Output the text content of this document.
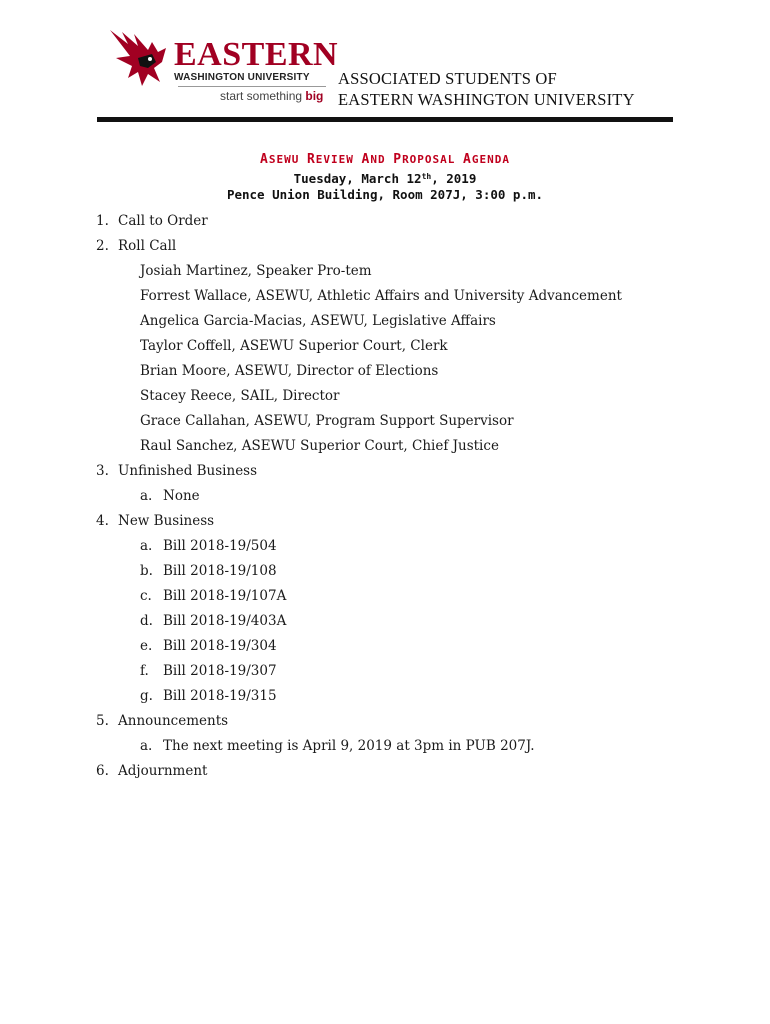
EASTERN
WASHINGTON UNIVERSITY
start something big
ASSOCIATED STUDENTS OF
EASTERN WASHINGTON UNIVERSITY
ASEWU REVIEW AND PROPOSAL AGENDA
Tuesday, March 12th, 2019
Pence Union Building, Room 207J, 3:00 p.m.
1. Call to Order
2. Roll Call
Josiah Martinez, Speaker Pro-tem
Forrest Wallace, ASEWU, Athletic Affairs and University Advancement
Angelica Garcia-Macias, ASEWU, Legislative Affairs
Taylor Coffell, ASEWU Superior Court, Clerk
Brian Moore, ASEWU, Director of Elections
Stacey Reece, SAIL, Director
Grace Callahan, ASEWU, Program Support Supervisor
Raul Sanchez, ASEWU Superior Court, Chief Justice
3. Unfinished Business
a. None
4. New Business
a. Bill 2018-19/504
b. Bill 2018-19/108
c. Bill 2018-19/107A
d. Bill 2018-19/403A
e. Bill 2018-19/304
f. Bill 2018-19/307
g. Bill 2018-19/315
5. Announcements
a. The next meeting is April 9, 2019 at 3pm in PUB 207J.
6. Adjournment
